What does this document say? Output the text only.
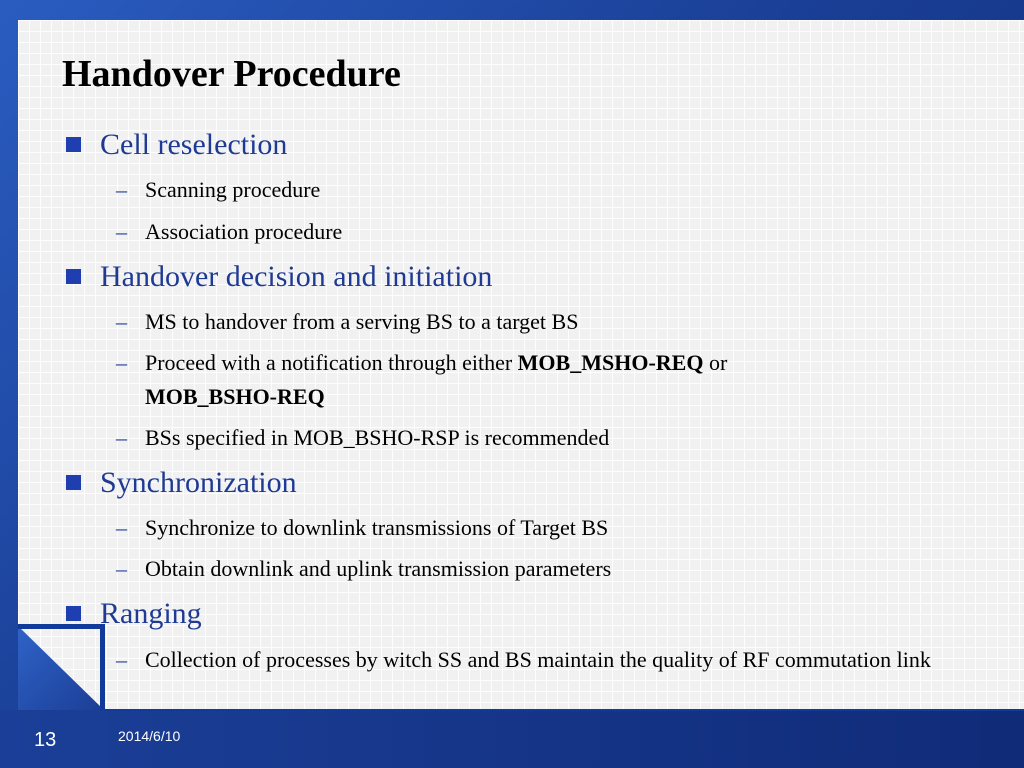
Handover Procedure
Cell reselection
– Scanning procedure
– Association procedure
Handover decision and initiation
– MS to handover from a serving BS to a target BS
– Proceed with a notification through either MOB_MSHO-REQ or
MOB_BSHO-REQ
– BSs specified in MOB_BSHO-RSP is recommended
Synchronization
– Synchronize to downlink transmissions of Target BS
– Obtain downlink and uplink transmission parameters
Ranging
– Collection of processes by witch SS and BS maintain the quality of RF commutation link
13	2014/6/10
